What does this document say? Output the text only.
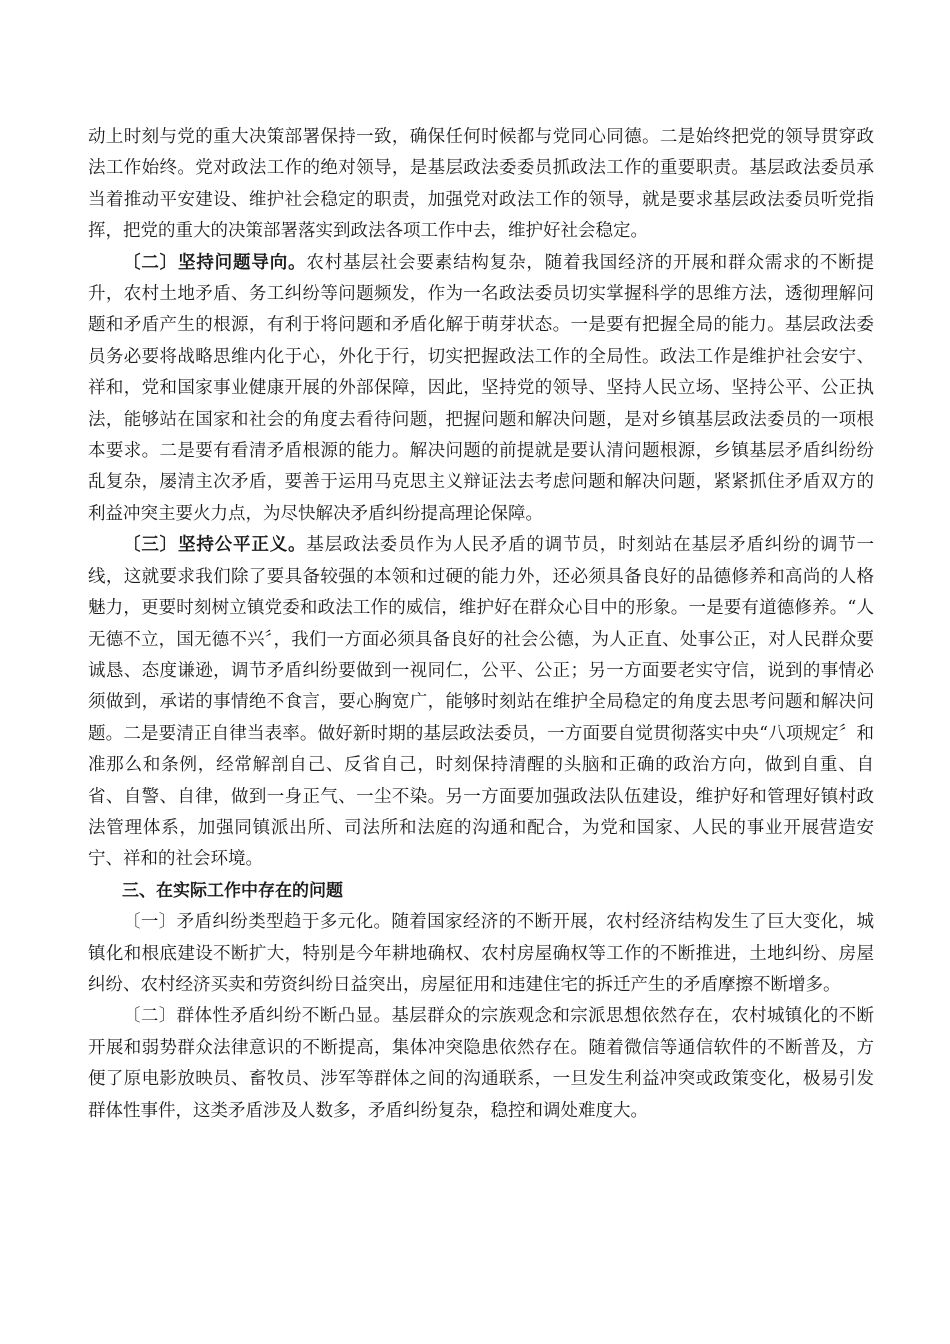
动上时刻与党的重大决策部署保持一致，确保任何时候都与党同心同德。二是始终把党的领导贯穿政法工作始终。党对政法工作的绝对领导，是基层政法委委员抓政法工作的重要职责。基层政法委员承当着推动平安建设、维护社会稳定的职责，加强党对政法工作的领导，就是要求基层政法委员听党指挥，把党的重大的决策部署落实到政法各项工作中去，维护好社会稳定。

〔二〕坚持问题导向。农村基层社会要素结构复杂，随着我国经济的开展和群众需求的不断提升，农村土地矛盾、务工纠纷等问题频发，作为一名政法委员切实掌握科学的思维方法，透彻理解问题和矛盾产生的根源，有利于将问题和矛盾化解于萌芽状态。一是要有把握全局的能力。基层政法委员务必要将战略思维内化于心，外化于行，切实把握政法工作的全局性。政法工作是维护社会安宁、祥和，党和国家事业健康开展的外部保障，因此，坚持党的领导、坚持人民立场、坚持公平、公正执法，能够站在国家和社会的角度去看待问题，把握问题和解决问题，是对乡镇基层政法委员的一项根本要求。二是要有看清矛盾根源的能力。解决问题的前提就是要认清问题根源，乡镇基层矛盾纠纷纷乱复杂，屡清主次矛盾，要善于运用马克思主义辩证法去考虑问题和解决问题，紧紧抓住矛盾双方的利益冲突主要火力点，为尽快解决矛盾纠纷提高理论保障。

〔三〕坚持公平正义。基层政法委员作为人民矛盾的调节员，时刻站在基层矛盾纠纷的调节一线，这就要求我们除了要具备较强的本领和过硬的能力外，还必须具备良好的品德修养和高尚的人格魅力，更要时刻树立镇党委和政法工作的威信，维护好在群众心目中的形象。一是要有道德修养。“人无德不立，国无德不兴〞，我们一方面必须具备良好的社会公德，为人正直、处事公正，对人民群众要诚恳、态度谦逊，调节矛盾纠纷要做到一视同仁，公平、公正；另一方面要老实守信，说到的事情必须做到，承诺的事情绝不食言，要心胸宽广，能够时刻站在维护全局稳定的角度去思考问题和解决问题。二是要清正自律当表率。做好新时期的基层政法委员，一方面要自觉贯彻落实中央“八项规定〞和准那么和条例，经常解剖自己、反省自己，时刻保持清醒的头脑和正确的政治方向，做到自重、自省、自警、自律，做到一身正气、一尘不染。另一方面要加强政法队伍建设，维护好和管理好镇村政法管理体系，加强同镇派出所、司法所和法庭的沟通和配合，为党和国家、人民的事业开展营造安宁、祥和的社会环境。

三、在实际工作中存在的问题

〔一〕矛盾纠纷类型趋于多元化。随着国家经济的不断开展，农村经济结构发生了巨大变化，城镇化和根底建设不断扩大，特别是今年耕地确权、农村房屋确权等工作的不断推进，土地纠纷、房屋纠纷、农村经济买卖和劳资纠纷日益突出，房屋征用和违建住宅的拆迁产生的矛盾摩擦不断增多。

〔二〕群体性矛盾纠纷不断凸显。基层群众的宗族观念和宗派思想依然存在，农村城镇化的不断开展和弱势群众法律意识的不断提高，集体冲突隐患依然存在。随着微信等通信软件的不断普及，方便了原电影放映员、畜牧员、涉军等群体之间的沟通联系，一旦发生利益冲突或政策变化，极易引发群体性事件，这类矛盾涉及人数多，矛盾纠纷复杂，稳控和调处难度大。
